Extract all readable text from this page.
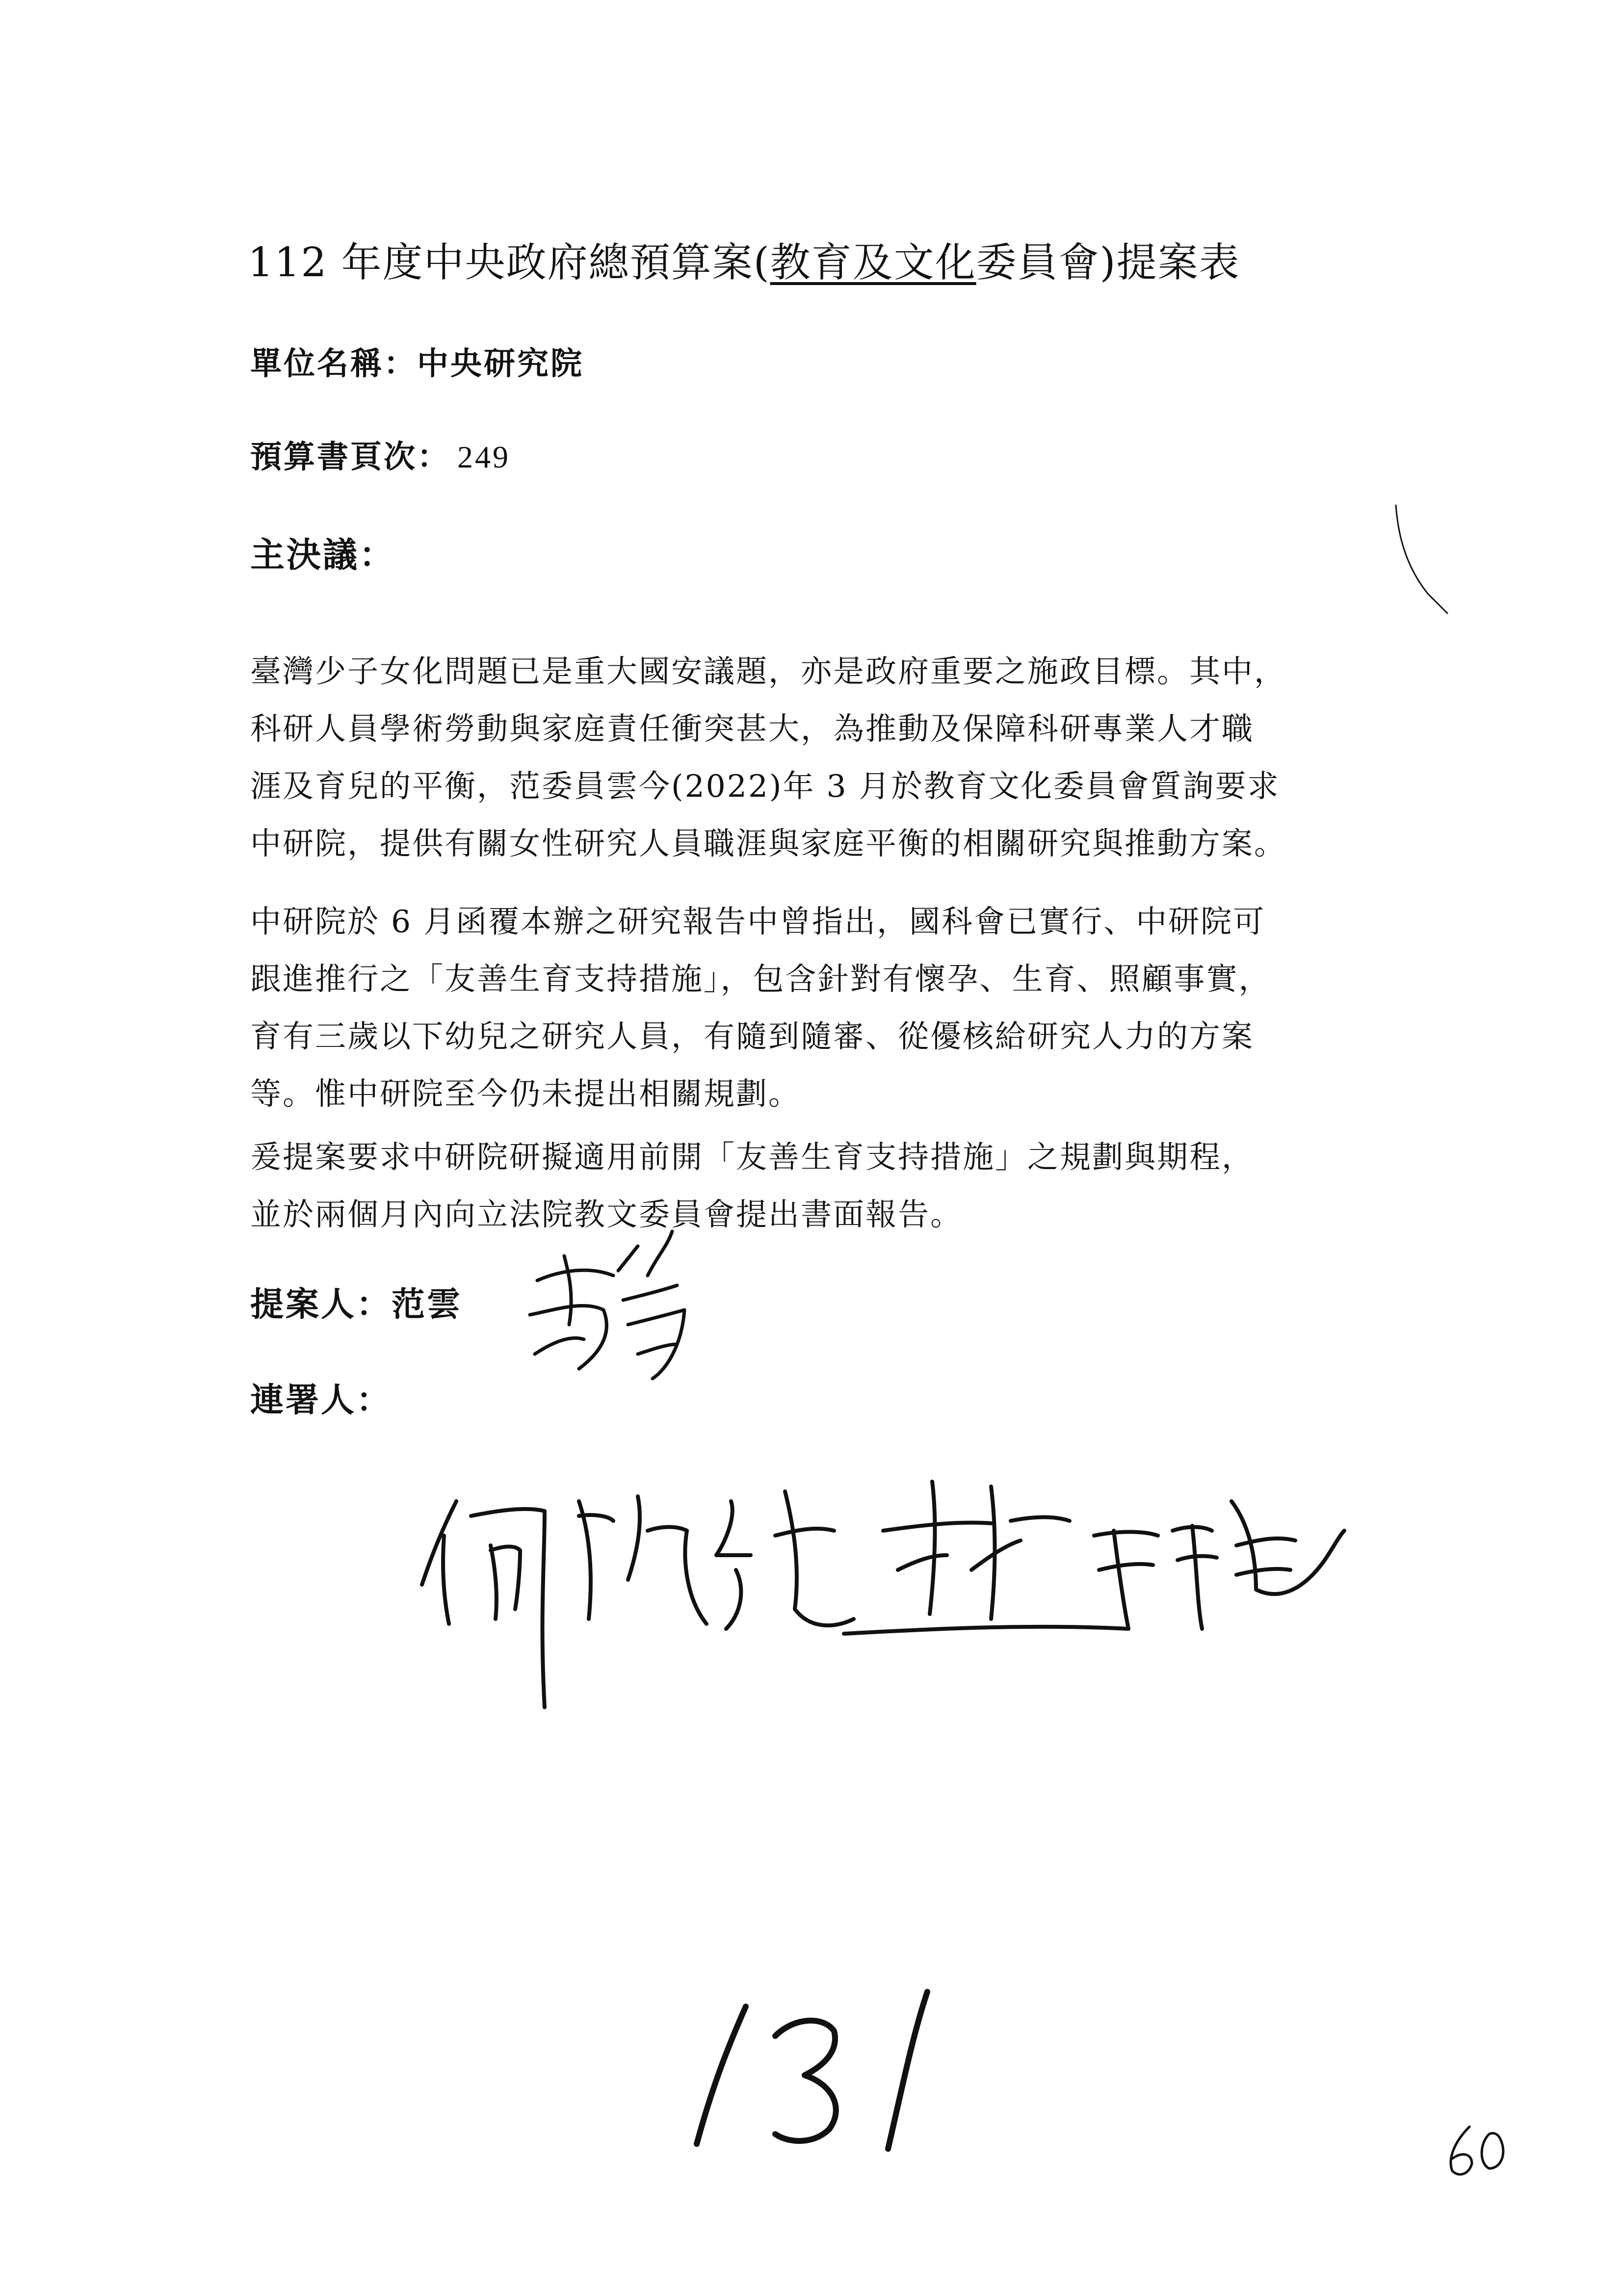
112 年度中央政府總預算案(教育及文化委員會)提案表
單位名稱：中央研究院
預算書頁次： 249
主決議：
臺灣少子女化問題已是重大國安議題，亦是政府重要之施政目標。其中，
科研人員學術勞動與家庭責任衝突甚大，為推動及保障科研專業人才職
涯及育兒的平衡，范委員雲今(2022)年 3 月於教育文化委員會質詢要求
中研院，提供有關女性研究人員職涯與家庭平衡的相關研究與推動方案。
中研院於 6 月函覆本辦之研究報告中曾指出，國科會已實行、中研院可
跟進推行之「友善生育支持措施」，包含針對有懷孕、生育、照顧事實，
育有三歲以下幼兒之研究人員，有隨到隨審、從優核給研究人力的方案
等。惟中研院至今仍未提出相關規劃。
爰提案要求中研院研擬適用前開「友善生育支持措施」之規劃與期程，
並於兩個月內向立法院教文委員會提出書面報告。
提案人：范雲
連署人：
